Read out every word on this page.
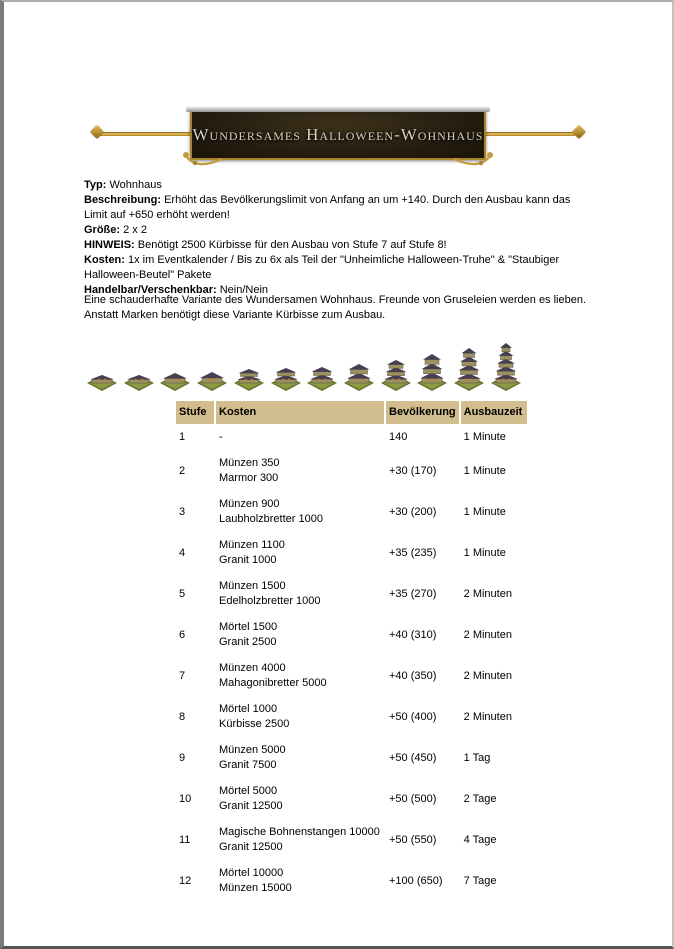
Wundersames Halloween-Wohnhaus
Typ: Wohnhaus
Beschreibung: Erhöht das Bevölkerungslimit von Anfang an um +140. Durch den Ausbau kann das Limit auf +650 erhöht werden!
Größe: 2 x 2
HINWEIS: Benötigt 2500 Kürbisse für den Ausbau von Stufe 7 auf Stufe 8!
Kosten: 1x im Eventkalender / Bis zu 6x als Teil der "Unheimliche Halloween-Truhe" & "Staubiger Halloween-Beutel" Pakete
Handelbar/Verschenkbar: Nein/Nein
Eine schauderhafte Variante des Wundersamen Wohnhaus. Freunde von Gruseleien werden es lieben.
Anstatt Marken benötigt diese Variante Kürbisse zum Ausbau.
Stufe	Kosten	Bevölkerung	Ausbauzeit

1	-	140	1 Minute

2	Münzen 350
Marmor 300	+30 (170)	1 Minute

3	Münzen 900
Laubholzbretter 1000	+30 (200)	1 Minute

4	Münzen 1100
Granit 1000	+35 (235)	1 Minute

5	Münzen 1500
Edelholzbretter 1000	+35 (270)	2 Minuten

6	Mörtel 1500
Granit 2500	+40 (310)	2 Minuten

7	Münzen 4000
Mahagonibretter 5000	+40 (350)	2 Minuten

8	Mörtel 1000
Kürbisse 2500	+50 (400)	2 Minuten

9	Münzen 5000
Granit 7500	+50 (450)	1 Tag

10	Mörtel 5000
Granit 12500	+50 (500)	2 Tage

11	Magische Bohnenstangen 10000
Granit 12500	+50 (550)	4 Tage

12	Mörtel 10000
Münzen 15000	+100 (650)	7 Tage
